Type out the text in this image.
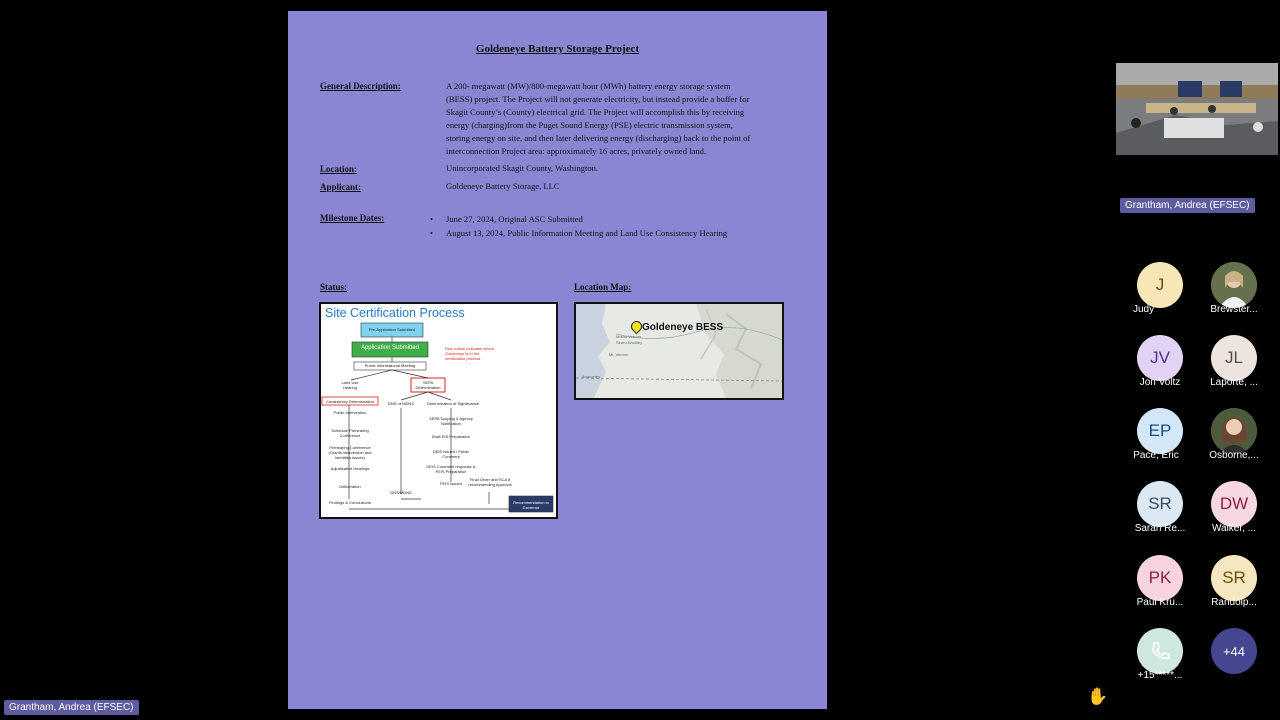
Goldeneye Battery Storage Project
General Description:	A 200- megawatt (MW)/800-megawatt hour (MWh) battery energy storage system
(BESS) project. The Project will not generate electricity, but instead provide a buffer for
Skagit County’s (County) electrical grid. The Project will accomplish this by receiving
energy (charging)from the Puget Sound Energy (PSE) electric transmission system,
storing energy on site, and then later delivering energy (discharging) back to the point of
interconnection Project area: approximately 16 acres, privately owned land.
Location:	Unincorporated Skagit County, Washington.
Applicant:	Goldeneye Battery Storage, LLC
Milestone Dates:
•	June 27, 2024, Original ASC Submitted
• August 13, 2024, Public Information Meeting and Land Use Consistency Hearing
Status:	Location Map:
Site Certification Process
Pre-Application Submitted
Application Submitted	Red outline indicates where Goldeneye is in the certification process
Public Informational Meeting
Land Use Hearing
SEPA Determination
Consistency Determination	DNS or MDNS	Determination of Significance
Public Intervention
Schedule Prehearing Conference
Prehearing Conference (Grants intervention and identifies issues)
Adjudicative Hearings
Deliberation
Findings & Conclusions
SEPA Scoping & Agency Notification
Draft EIS Preparation
DEIS Issued / Public Comment
DEIS Comment response & FEIS Preparation
FEIS Issued
Final Order and SCA if recommending Approval
DNS/MDNS
Recommendation to Governor
Goldeneye BESS
Mount Vernon
Sedro-Woolley
Mt. Vernon
Anacortes
Grantham, Andrea (EFSEC)
J
Judy	Brewster...
JV
Jon Voltz
JL
Laporte, ...
EP
Pace, Eric	Osborne,...
SR
Sarah Re...
DW
Walker, ...
PK
Paul Kru...
SR
Randolp...
+15*****...
+44
Grantham, Andrea (EFSEC)
✋
